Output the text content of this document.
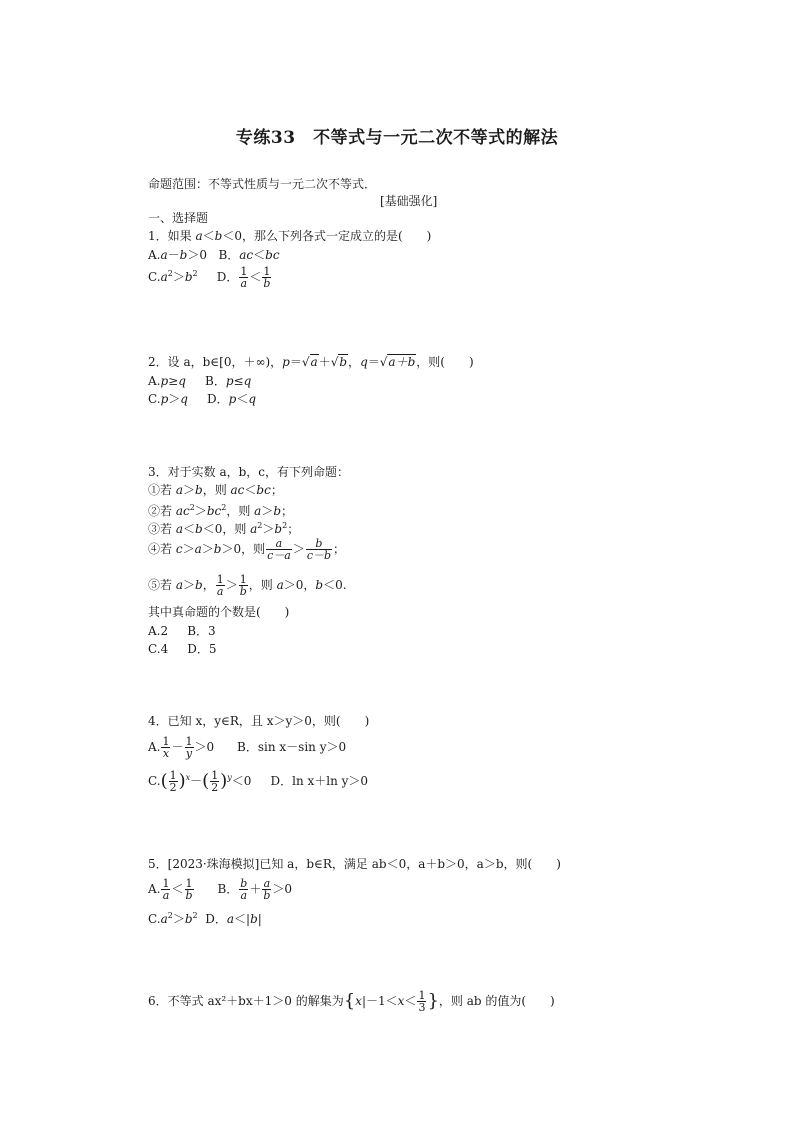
专练33　不等式与一元二次不等式的解法
命题范围：不等式性质与一元二次不等式．
[基础强化]
一、选择题
1．如果 a＜b＜0，那么下列各式一定成立的是(　　)
A.a－b＞0 B．ac＜bc
$C.a^2>b^2$ D． $\frac{1}{a} < \frac{1}{b}$
2．设 a，b∈[0，＋∞)，p＝√a＋√b，q＝√a＋b，则(　　)
A.p≥q B．p≤q
C.p＞q D．p＜q
3．对于实数 a，b，c，有下列命题：
①若 a＞b，则 ac＜bc；
②若 $ac^2>bc^2$，则 a＞b；
③若 a＜b＜0，则 $a^2>b^2$；
④若 c＞a＞b＞0，则 $\frac{a}{c-a} > \frac{b}{c-b}$ ；
⑤若 a＞b， $\frac{1}{a} > \frac{1}{b}$ ，则 a＞0，b＜0.
其中真命题的个数是(　　)
A.2 B．3
C.4 D．5
4．已知 x，y∈R，且 x＞y＞0，则(　　)
A. $\frac{1}{x} - \frac{1}{y} >0$ B．sin x－sin y＞0
$C.( \frac{1}{2} )^x-( \frac{1}{2} )^y<0$ D．ln x＋ln y＞0
5．[2023·珠海模拟]已知 a，b∈R，满足 ab＜0，a＋b＞0，a＞b，则(　　)
A. $\frac{1}{a} < \frac{1}{b}$ B． $\frac{b}{a} + \frac{a}{b} >0$
$C.a^2>b^2$ D．a＜|b|
6．不等式 ax²＋bx＋1＞0 的解集为{$x|-1<x< \frac{1}{3}$ }，则 ab 的值为(　　)
